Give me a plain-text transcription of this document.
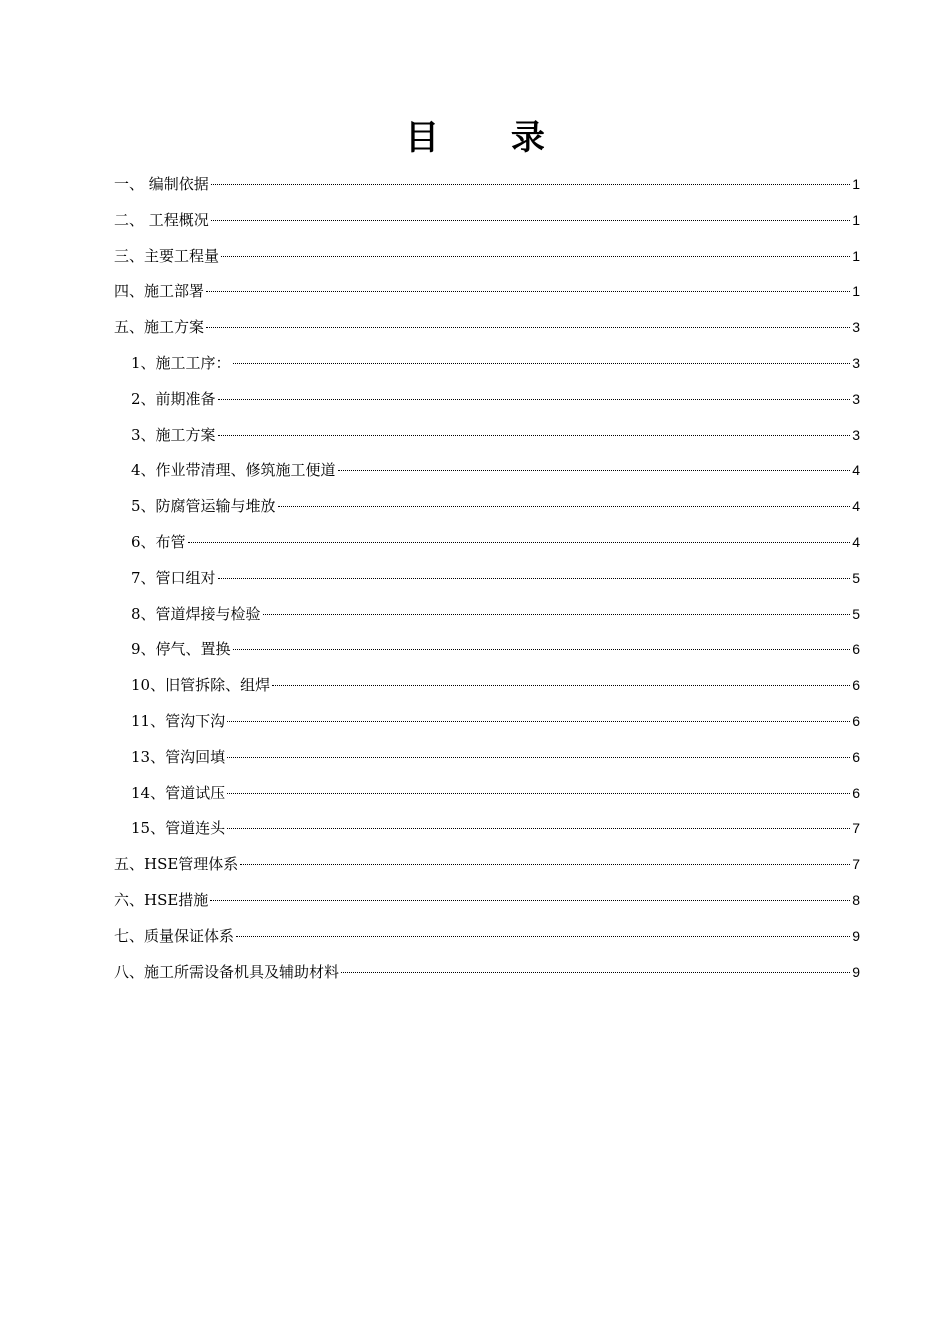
目 录
一、 编制依据	1
二、 工程概况	1
三、主要工程量	1
四、施工部署	1
五、施工方案	3
1、施工工序：	3
2、前期准备	3
3、施工方案	3
4、作业带清理、修筑施工便道	4
5、防腐管运输与堆放	4
6、布管	4
7、管口组对	5
8、管道焊接与检验	5
9、停气、置换	6
10、旧管拆除、组焊	6
11、管沟下沟	6
13、管沟回填	6
14、管道试压	6
15、管道连头	7
五、HSE管理体系	7
六、HSE措施	8
七、质量保证体系	9
八、施工所需设备机具及辅助材料	9
